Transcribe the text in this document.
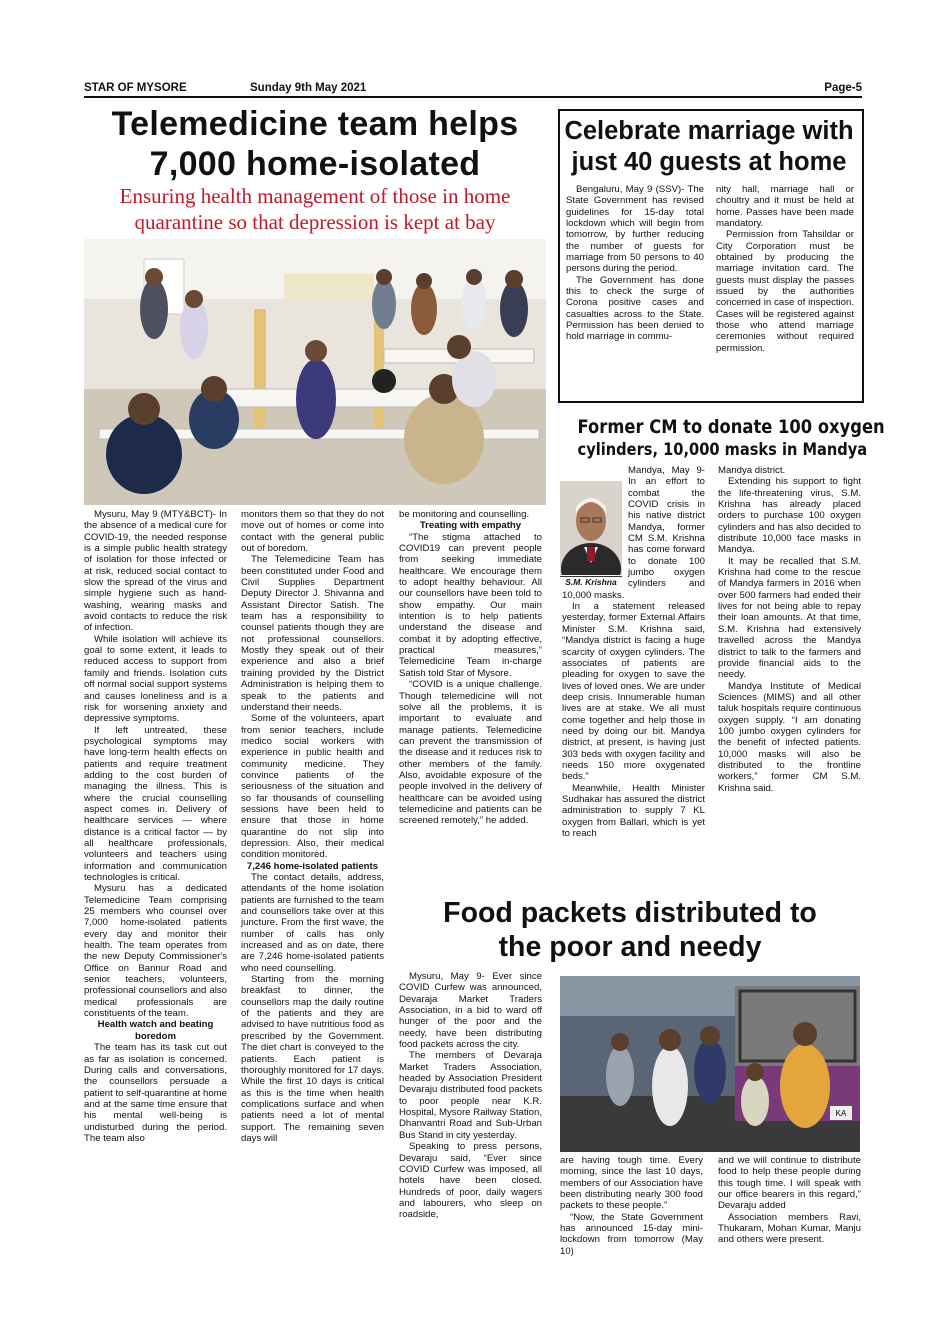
STAR OF MYSORE	Sunday 9th May 2021	Page-5
Telemedicine team helps
7,000 home-isolated
Ensuring health management of those in home
quarantine so that depression is kept at bay

Mysuru, May 9 (MTY&BCT)- In the absence of a medical cure for COVID-19, the needed response is a simple public health strategy of isolation for those infected or at risk, reduced social contact to slow the spread of the virus and simple hygiene such as hand-washing, wearing masks and avoid contacts to reduce the risk of infection.

While isolation will achieve its goal to some extent, it leads to reduced access to support from family and friends. Isolation cuts off normal social support systems and causes loneliness and is a risk for worsening anxiety and depressive symptoms.

If left untreated, these psychological symptoms may have long-term health effects on patients and require treatment adding to the cost burden of managing the illness. This is where the crucial counselling aspect comes in. Delivery of healthcare services — where distance is a critical factor — by all healthcare professionals, volunteers and teachers using information and communication technologies is critical.

Mysuru has a dedicated Telemedicine Team comprising 25 members who counsel over 7,000 home-isolated patients every day and monitor their health. The team operates from the new Deputy Commissioner's Office on Bannur Road and senior teachers, volunteers, professional counsellors and also medical professionals are constituents of the team.

Health watch and beating boredom

The team has its task cut out as far as isolation is concerned. During calls and conversations, the counsellors persuade a patient to self-quarantine at home and at the same time ensure that his mental well-being is undisturbed during the period. The team also

monitors them so that they do not move out of homes or come into contact with the general public out of boredom.

The Telemedicine Team has been constituted under Food and Civil Supplies Department Deputy Director J. Shivanna and Assistant Director Satish. The team has a responsibility to counsel patients though they are not professional counsellors. Mostly they speak out of their experience and also a brief training provided by the District Administration is helping them to speak to the patients and understand their needs.

Some of the volunteers, apart from senior teachers, include medico social workers with experience in public health and community medicine. They convince patients of the seriousness of the situation and so far thousands of counselling sessions have been held to ensure that those in home quarantine do not slip into depression. Also, their medical condition monitored.

7,246 home-isolated patients

The contact details, address, attendants of the home isolation patients are furnished to the team and counsellors take over at this juncture. From the first wave, the number of calls has only increased and as on date, there are 7,246 home-isolated patients who need counselling.

Starting from the morning breakfast to dinner, the counsellors map the daily routine of the patients and they are advised to have nutritious food as prescribed by the Government. The diet chart is conveyed to the patients. Each patient is thoroughly monitored for 17 days. While the first 10 days is critical as this is the time when health complications surface and when patients need a lot of mental support. The remaining seven days will

be monitoring and counselling.

Treating with empathy

“The stigma attached to COVID19 can prevent people from seeking immediate healthcare. We encourage them to adopt healthy behaviour. All our counsellors have been told to show empathy. Our main intention is to help patients understand the disease and combat it by adopting effective, practical measures,” Telemedicine Team in-charge Satish told Star of Mysore.

“COVID is a unique challenge. Though telemedicine will not solve all the problems, it is important to evaluate and manage patients. Telemedicine can prevent the transmission of the disease and it reduces risk to other members of the family. Also, avoidable exposure of the people involved in the delivery of healthcare can be avoided using telemedicine and patients can be screened remotely,” he added.

Celebrate marriage with
just 40 guests at home

Bengaluru, May 9 (SSV)- The State Government has revised guidelines for 15-day total lockdown which will begin from tomorrow, by further reducing the number of guests for marriage from 50 persons to 40 persons during the period.

The Government has done this to check the surge of Corona positive cases and casualties across to the State. Permission has been denied to hold marriage in commu-

nity hall, marriage hall or choultry and it must be held at home. Passes have been made mandatory.

Permission from Tahsildar or City Corporation must be obtained by producing the marriage invitation card. The guests must display the passes issued by the authorities concerned in case of inspection. Cases will be registered against those who attend marriage ceremonies without required permission.

Former CM to donate 100 oxygen
cylinders, 10,000 masks in Mandya
S.M. Krishna

Mandya, May 9- In an effort to combat the COVID crisis in his native district Mandya, former CM S.M. Krishna has come forward to donate 100 jumbo oxygen cylinders and 10,000 masks.

In a statement released yesterday, former External Affairs Minister S.M. Krishna said, “Mandya district is facing a huge scarcity of oxygen cylinders. The associates of patients are pleading for oxygen to save the lives of loved ones. We are under deep crisis. Innumerable human lives are at stake. We all must come together and help those in need by doing our bit. Mandya district, at present, is having just 303 beds with oxygen facility and needs 150 more oxygenated beds.”

Meanwhile, Health Minister Sudhakar has assured the district administration to supply 7 KL oxygen from Ballari, which is yet to reach

Mandya district.

Extending his support to fight the life-threatening virus, S.M. Krishna has already placed orders to purchase 100 oxygen cylinders and has also decided to distribute 10,000 face masks in Mandya.

It may be recalled that S.M. Krishna had come to the rescue of Mandya farmers in 2016 when over 500 farmers had ended their lives for not being able to repay their loan amounts. At that time, S.M. Krishna had extensively travelled across the Mandya district to talk to the farmers and provide financial aids to the needy.

Mandya Institute of Medical Sciences (MIMS) and all other taluk hospitals require continuous oxygen supply. “I am donating 100 jumbo oxygen cylinders for the benefit of infected patients. 10,000 masks will also be distributed to the frontline workers,” former CM S.M. Krishna said.

Food packets distributed to
the poor and needy

Mysuru, May 9- Ever since COVID Curfew was announced, Devaraja Market Traders Association, in a bid to ward off hunger of the poor and the needy, have been distributing food packets across the city.

The members of Devaraja Market Traders Association, headed by Association President Devaraju distributed food packets to poor people near K.R. Hospital, Mysore Railway Station, Dhanvantri Road and Sub-Urban Bus Stand in city yesterday.

Speaking to press persons, Devaraju said, “Ever since COVID Curfew was imposed, all hotels have been closed. Hundreds of poor, daily wagers and labourers, who sleep on roadside,

KA

are having tough time. Every morning, since the last 10 days, members of our Association have been distributing nearly 300 food packets to these people.”

“Now, the State Government has announced 15-day mini-lockdown from tomorrow (May 10)

and we will continue to distribute food to help these people during this tough time. I will speak with our office bearers in this regard,” Devaraju added

Association members Ravi, Thukaram, Mohan Kumar, Manju and others were present.
